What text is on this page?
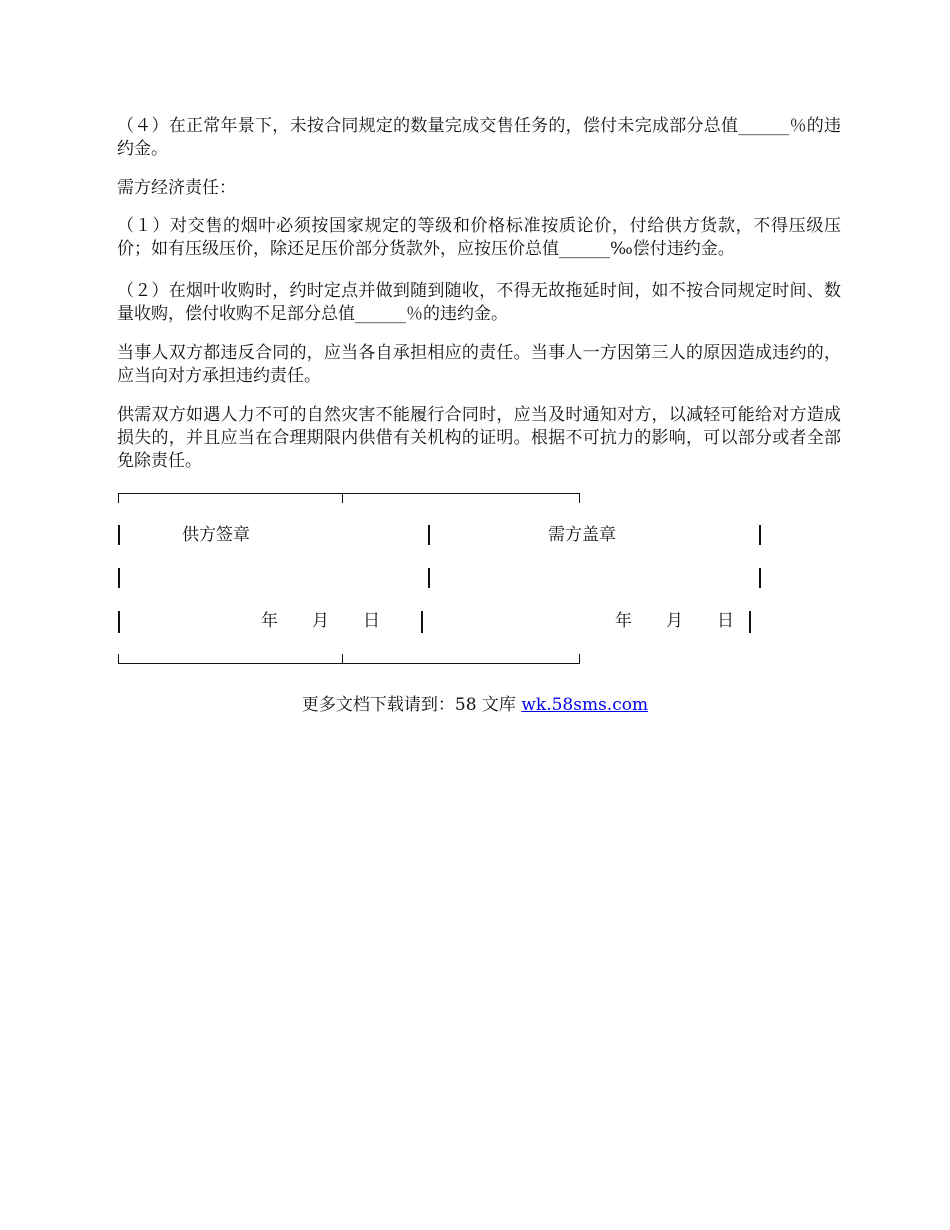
（４）在正常年景下，未按合同规定的数量完成交售任务的，偿付未完成部分总值______％的违约金。

需方经济责任：

（１）对交售的烟叶必须按国家规定的等级和价格标准按质论价，付给供方货款，不得压级压价；如有压级压价，除还足压价部分货款外，应按压价总值______‰偿付违约金。

（２）在烟叶收购时，约时定点并做到随到随收，不得无故拖延时间，如不按合同规定时间、数量收购，偿付收购不足部分总值______％的违约金。

当事人双方都违反合同的，应当各自承担相应的责任。当事人一方因第三人的原因造成违约的，应当向对方承担违约责任。

供需双方如遇人力不可的自然灾害不能履行合同时，应当及时通知对方，以减轻可能给对方造成损失的，并且应当在合理期限内供借有关机构的证明。根据不可抗力的影响，可以部分或者全部免除责任。

供方签章	需方盖章
年　　月　　日	年　　月　　日
更多文档下载请到：58 文库 wk.58sms.com
